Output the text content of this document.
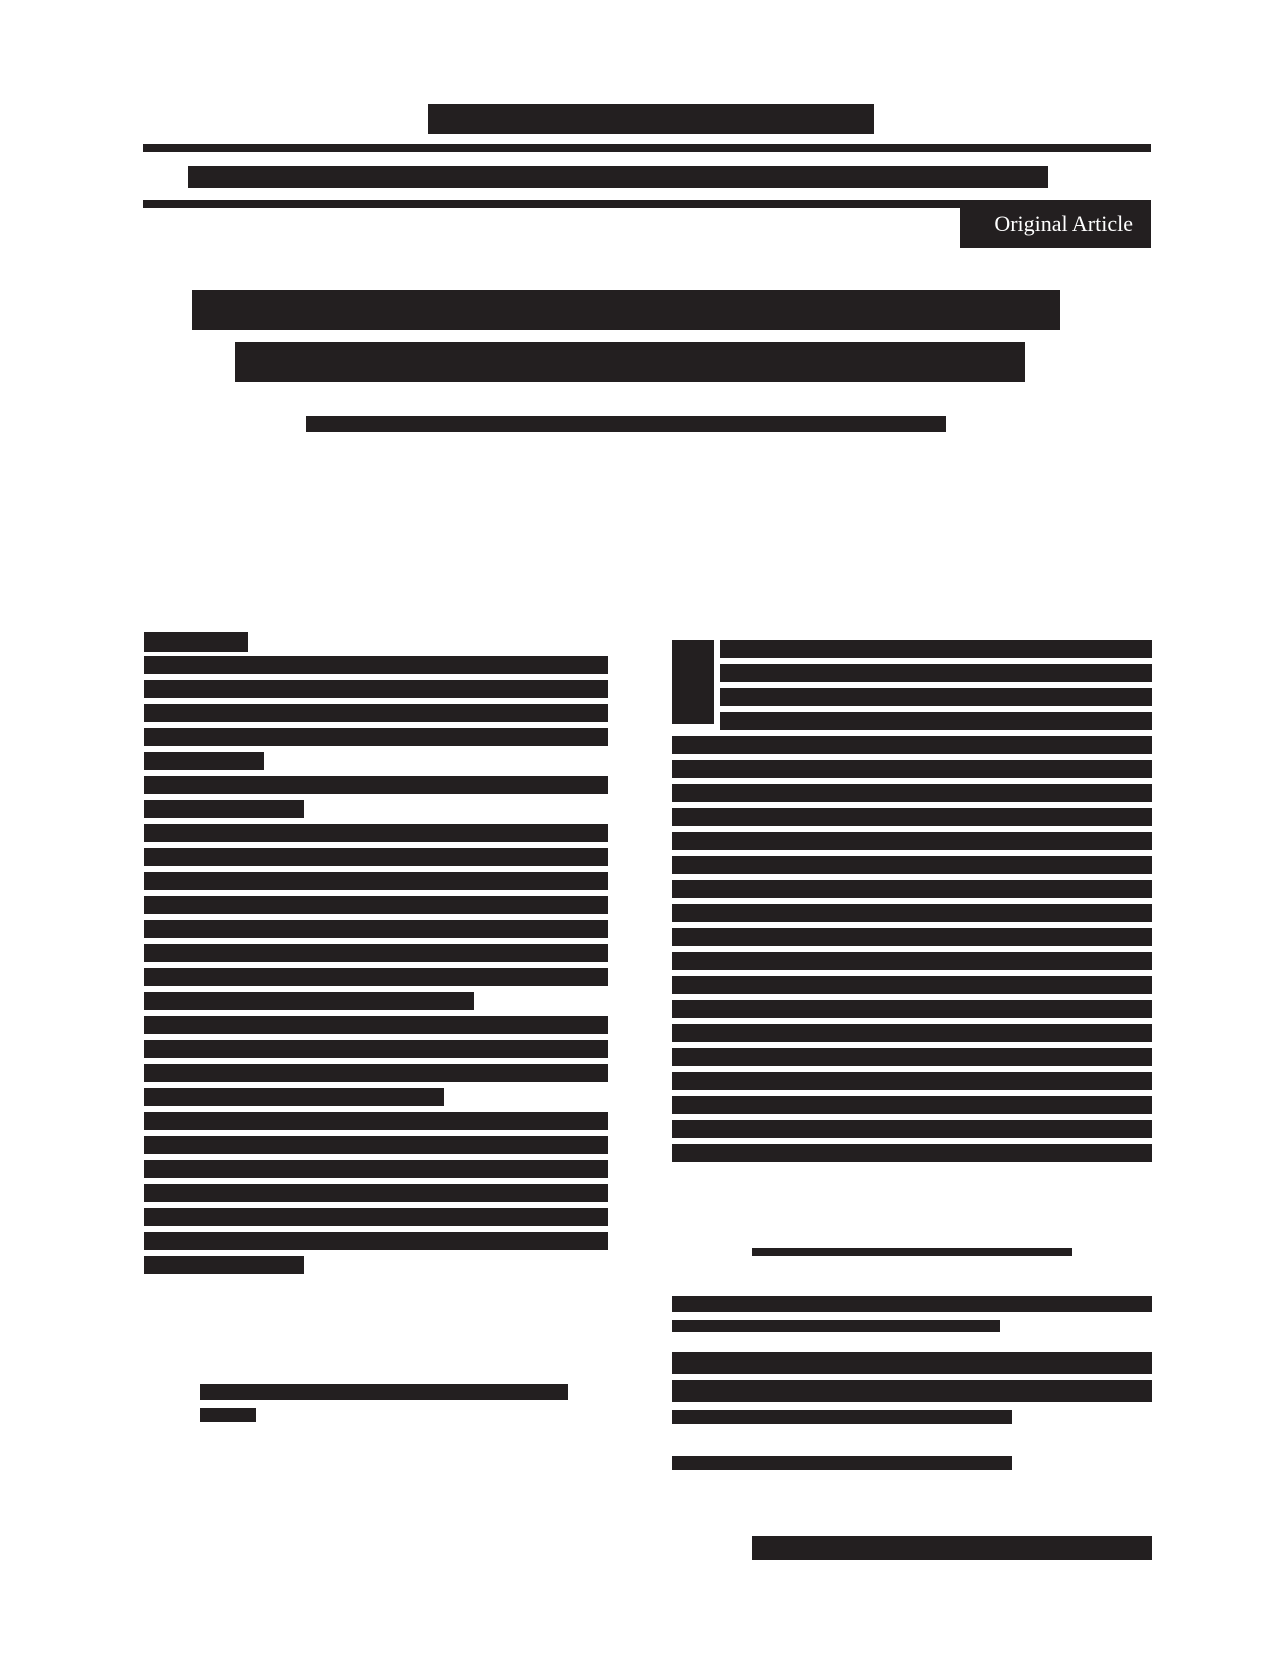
Original Article
